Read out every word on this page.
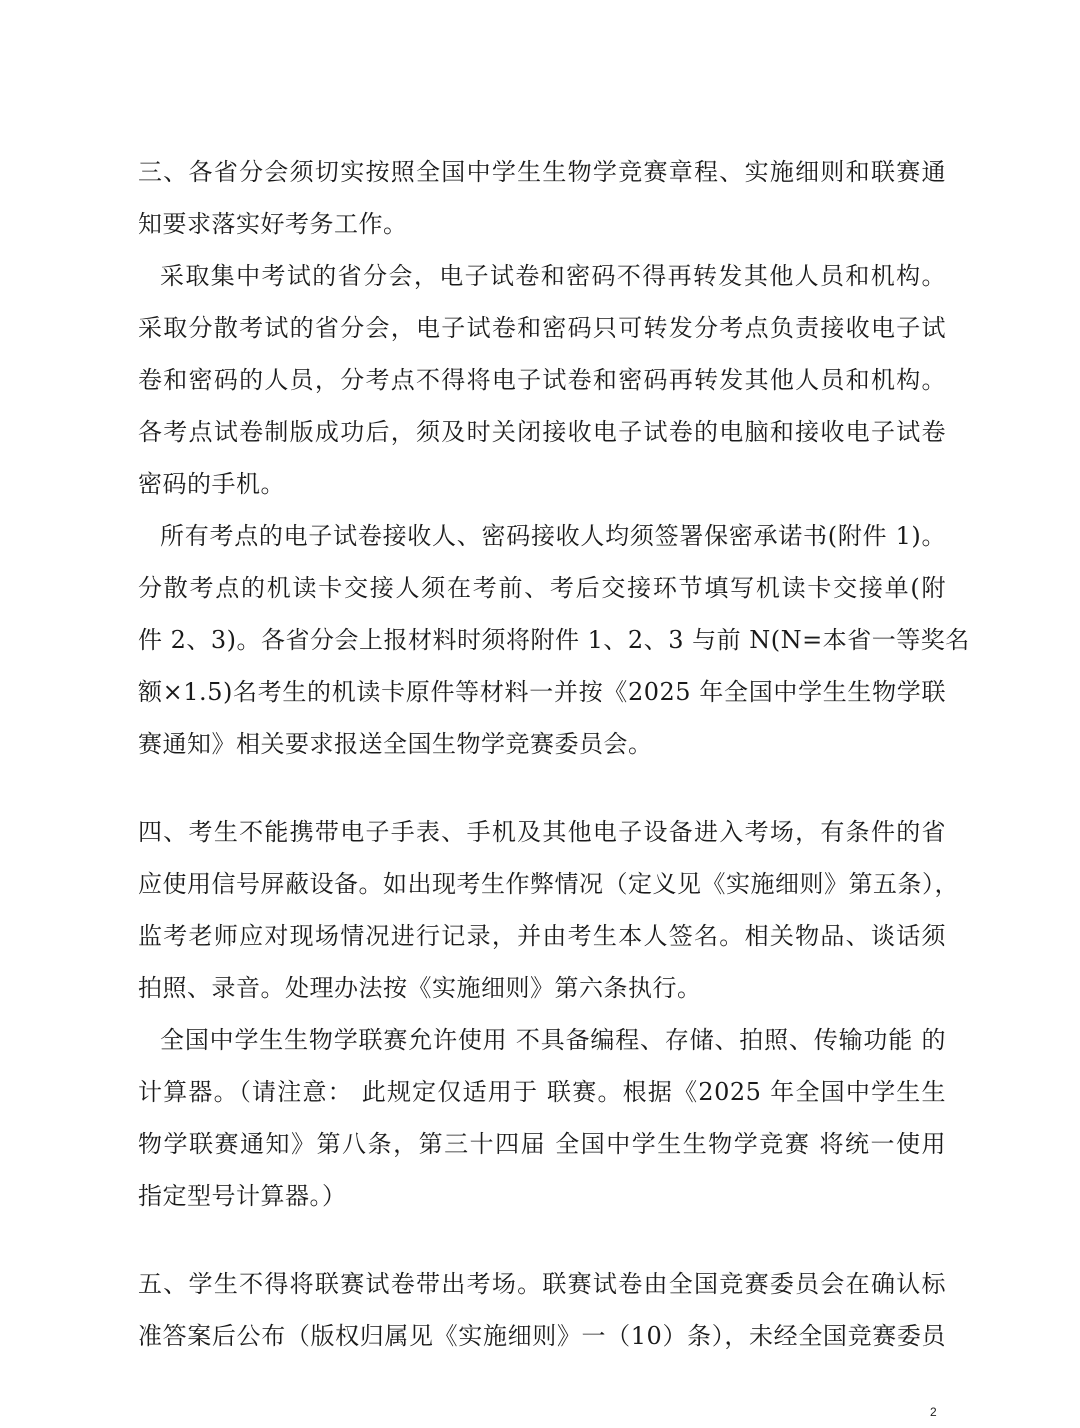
三、各省分会须切实按照全国中学生生物学竞赛章程、实施细则和联赛通
知要求落实好考务工作。
采取集中考试的省分会，电子试卷和密码不得再转发其他人员和机构。
采取分散考试的省分会，电子试卷和密码只可转发分考点负责接收电子试
卷和密码的人员，分考点不得将电子试卷和密码再转发其他人员和机构。
各考点试卷制版成功后，须及时关闭接收电子试卷的电脑和接收电子试卷
密码的手机。
所有考点的电子试卷接收人、密码接收人均须签署保密承诺书(附件 1)。
分散考点的机读卡交接人须在考前、考后交接环节填写机读卡交接单(附
件 2、3)。各省分会上报材料时须将附件 1、2、3 与前 N(N=本省一等奖名
额×1.5)名考生的机读卡原件等材料一并按《2025 年全国中学生生物学联
赛通知》相关要求报送全国生物学竞赛委员会。
四、考生不能携带电子手表、手机及其他电子设备进入考场，有条件的省
应使用信号屏蔽设备。如出现考生作弊情况（定义见《实施细则》第五条），
监考老师应对现场情况进行记录，并由考生本人签名。相关物品、谈话须
拍照、录音。处理办法按《实施细则》第六条执行。
全国中学生生物学联赛允许使用 不具备编程、存储、拍照、传输功能 的
计算器。（请注意： 此规定仅适用于 联赛。根据《2025 年全国中学生生
物学联赛通知》第八条，第三十四届 全国中学生生物学竞赛 将统一使用
指定型号计算器。）
五、学生不得将联赛试卷带出考场。联赛试卷由全国竞赛委员会在确认标
准答案后公布（版权归属见《实施细则》一（10）条），未经全国竞赛委员
2
